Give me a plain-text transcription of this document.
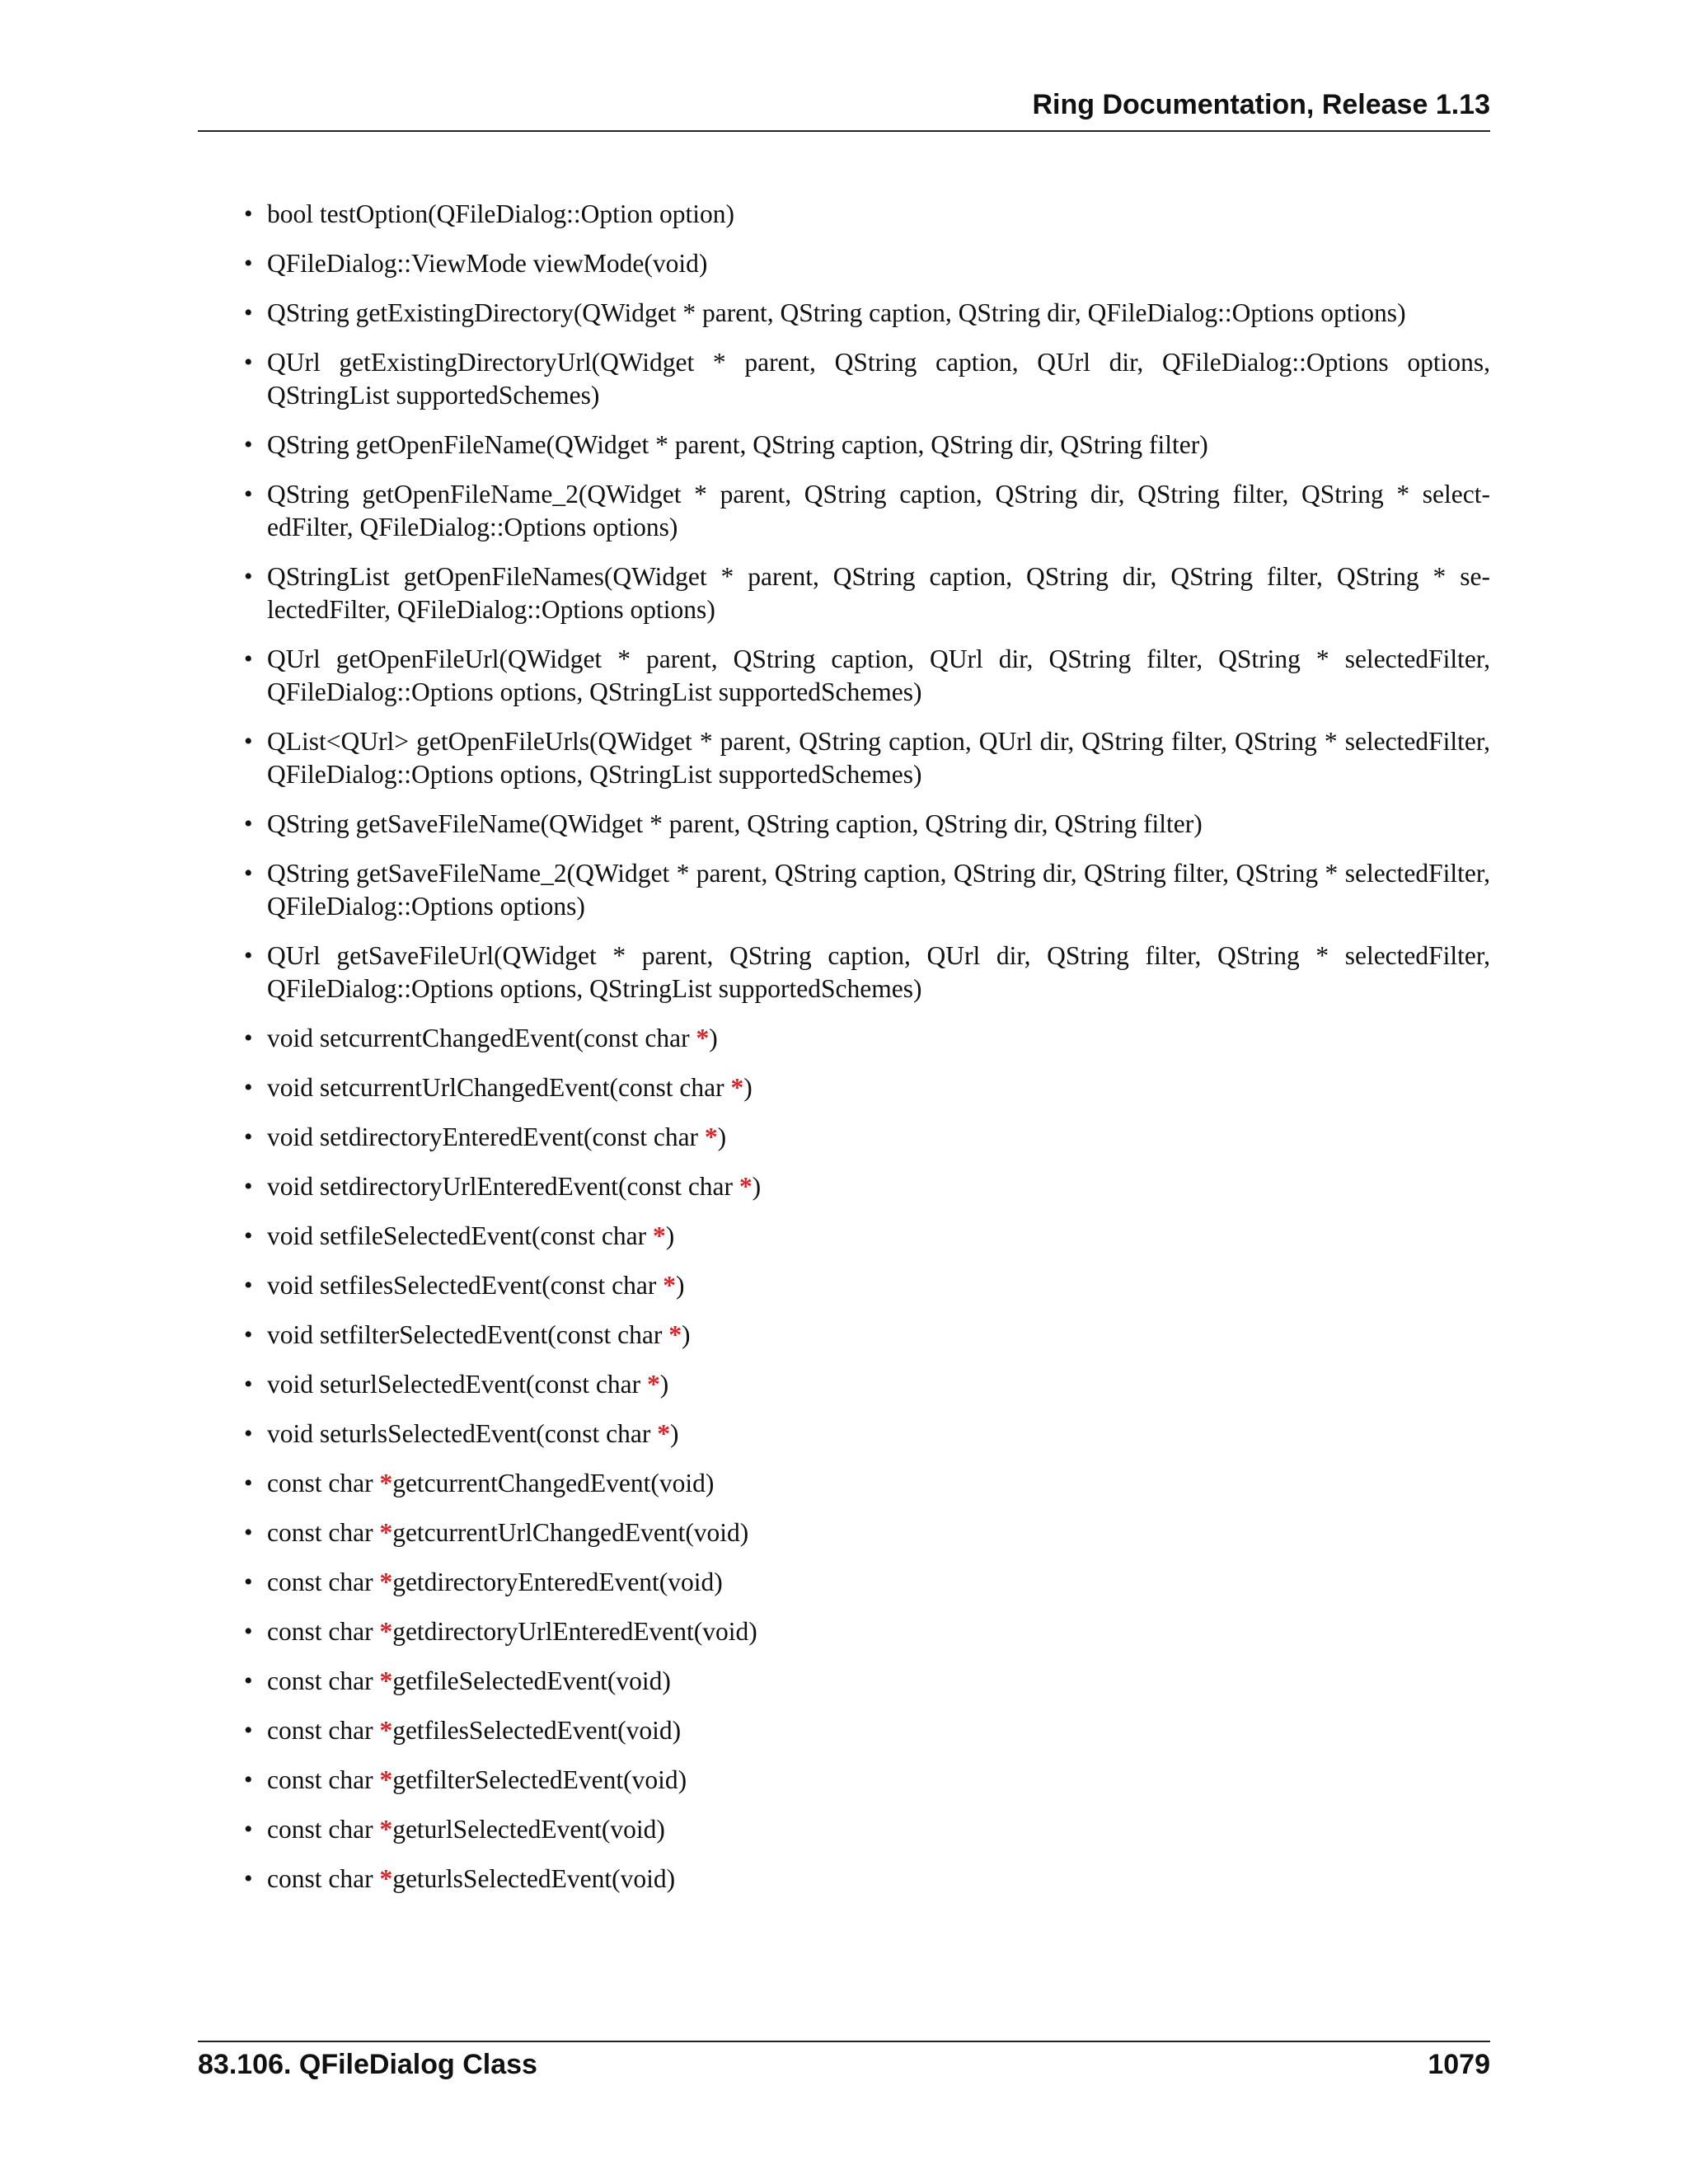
Ring Documentation, Release 1.13
• bool testOption(QFileDialog::Option option)
• QFileDialog::ViewMode viewMode(void)
• QString getExistingDirectory(QWidget * parent, QString caption, QString dir, QFileDialog::Options options)
• QUrl getExistingDirectoryUrl(QWidget * parent, QString caption, QUrl dir, QFileDialog::Options options, QStringList supportedSchemes)
• QString getOpenFileName(QWidget * parent, QString caption, QString dir, QString filter)
• QString getOpenFileName_2(QWidget * parent, QString caption, QString dir, QString filter, QString * selectedFilter, QFileDialog::Options options)
• QStringList getOpenFileNames(QWidget * parent, QString caption, QString dir, QString filter, QString * selectedFilter, QFileDialog::Options options)
• QUrl getOpenFileUrl(QWidget * parent, QString caption, QUrl dir, QString filter, QString * selectedFilter, QFileDialog::Options options, QStringList supportedSchemes)
• QList<QUrl> getOpenFileUrls(QWidget * parent, QString caption, QUrl dir, QString filter, QString * selectedFilter, QFileDialog::Options options, QStringList supportedSchemes)
• QString getSaveFileName(QWidget * parent, QString caption, QString dir, QString filter)
• QString getSaveFileName_2(QWidget * parent, QString caption, QString dir, QString filter, QString * selectedFilter, QFileDialog::Options options)
• QUrl getSaveFileUrl(QWidget * parent, QString caption, QUrl dir, QString filter, QString * selectedFilter, QFileDialog::Options options, QStringList supportedSchemes)
• void setcurrentChangedEvent(const char *)
• void setcurrentUrlChangedEvent(const char *)
• void setdirectoryEnteredEvent(const char *)
• void setdirectoryUrlEnteredEvent(const char *)
• void setfileSelectedEvent(const char *)
• void setfilesSelectedEvent(const char *)
• void setfilterSelectedEvent(const char *)
• void seturlSelectedEvent(const char *)
• void seturlsSelectedEvent(const char *)
• const char *getcurrentChangedEvent(void)
• const char *getcurrentUrlChangedEvent(void)
• const char *getdirectoryEnteredEvent(void)
• const char *getdirectoryUrlEnteredEvent(void)
• const char *getfileSelectedEvent(void)
• const char *getfilesSelectedEvent(void)
• const char *getfilterSelectedEvent(void)
• const char *geturlSelectedEvent(void)
• const char *geturlsSelectedEvent(void)
83.106. QFileDialog Class	1079
